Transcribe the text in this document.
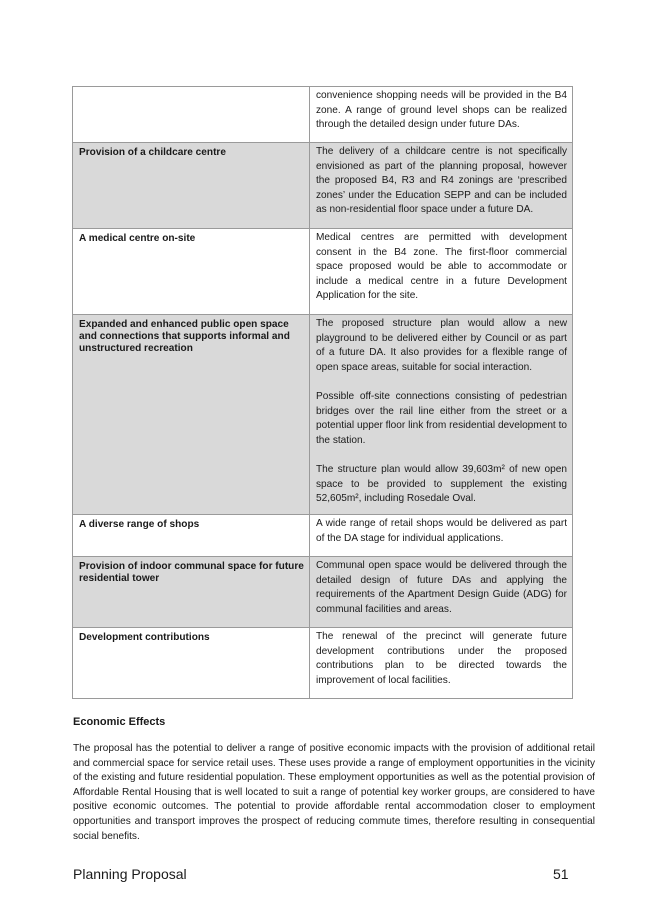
	convenience shopping needs will be provided in the B4 zone. A range of ground level shops can be realized through the detailed design under future DAs.

Provision of a childcare centre	The delivery of a childcare centre is not specifically envisioned as part of the planning proposal, however the proposed B4, R3 and R4 zonings are ‘prescribed zones’ under the Education SEPP and can be included as non-residential floor space under a future DA.

A medical centre on-site	Medical centres are permitted with development consent in the B4 zone. The first-floor commercial space proposed would be able to accommodate or include a medical centre in a future Development Application for the site.

Expanded and enhanced public open space and connections that supports informal and unstructured recreation	The proposed structure plan would allow a new playground to be delivered either by Council or as part of a future DA. It also provides for a flexible range of open space areas, suitable for social interaction.

Possible off-site connections consisting of pedestrian bridges over the rail line either from the street or a potential upper floor link from residential development to the station.

The structure plan would allow 39,603m² of new open space to be provided to supplement the existing 52,605m², including Rosedale Oval.

A diverse range of shops	A wide range of retail shops would be delivered as part of the DA stage for individual applications.

Provision of indoor communal space for future residential tower	Communal open space would be delivered through the detailed design of future DAs and applying the requirements of the Apartment Design Guide (ADG) for communal facilities and areas.

Development contributions	The renewal of the precinct will generate future development contributions under the proposed contributions plan to be directed towards the improvement of local facilities.

Economic Effects

The proposal has the potential to deliver a range of positive economic impacts with the provision of additional retail and commercial space for service retail uses. These uses provide a range of employment opportunities in the vicinity of the existing and future residential population. These employment opportunities as well as the potential provision of Affordable Rental Housing that is well located to suit a range of potential key worker groups, are considered to have positive economic outcomes. The potential to provide affordable rental accommodation closer to employment opportunities and transport improves the prospect of reducing commute times, therefore resulting in consequential social benefits.

Planning Proposal	51
